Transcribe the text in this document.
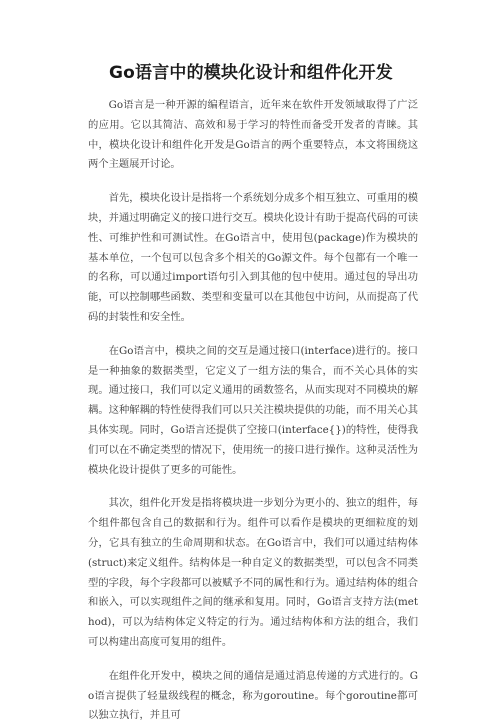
Go语言中的模块化设计和组件化开发

Go语言是一种开源的编程语言，近年来在软件开发领域取得了广泛的应用。它以其简洁、高效和易于学习的特性而备受开发者的青睐。其中，模块化设计和组件化开发是Go语言的两个重要特点，本文将围绕这两个主题展开讨论。

首先，模块化设计是指将一个系统划分成多个相互独立、可重用的模块，并通过明确定义的接口进行交互。模块化设计有助于提高代码的可读性、可维护性和可测试性。在Go语言中，使用包(package)作为模块的基本单位，一个包可以包含多个相关的Go源文件。每个包都有一个唯一的名称，可以通过import语句引入到其他的包中使用。通过包的导出功能，可以控制哪些函数、类型和变量可以在其他包中访问，从而提高了代码的封装性和安全性。

在Go语言中，模块之间的交互是通过接口(interface)进行的。接口是一种抽象的数据类型，它定义了一组方法的集合，而不关心具体的实现。通过接口，我们可以定义通用的函数签名，从而实现对不同模块的解耦。这种解耦的特性使得我们可以只关注模块提供的功能，而不用关心其具体实现。同时，Go语言还提供了空接口(interface{})的特性，使得我们可以在不确定类型的情况下，使用统一的接口进行操作。这种灵活性为模块化设计提供了更多的可能性。

其次，组件化开发是指将模块进一步划分为更小的、独立的组件，每个组件都包含自己的数据和行为。组件可以看作是模块的更细粒度的划分，它具有独立的生命周期和状态。在Go语言中，我们可以通过结构体(struct)来定义组件。结构体是一种自定义的数据类型，可以包含不同类型的字段，每个字段都可以被赋予不同的属性和行为。通过结构体的组合和嵌入，可以实现组件之间的继承和复用。同时，Go语言支持方法(method)，可以为结构体定义特定的行为。通过结构体和方法的组合，我们可以构建出高度可复用的组件。

在组件化开发中，模块之间的通信是通过消息传递的方式进行的。Go语言提供了轻量级线程的概念，称为goroutine。每个goroutine都可以独立执行，并且可
